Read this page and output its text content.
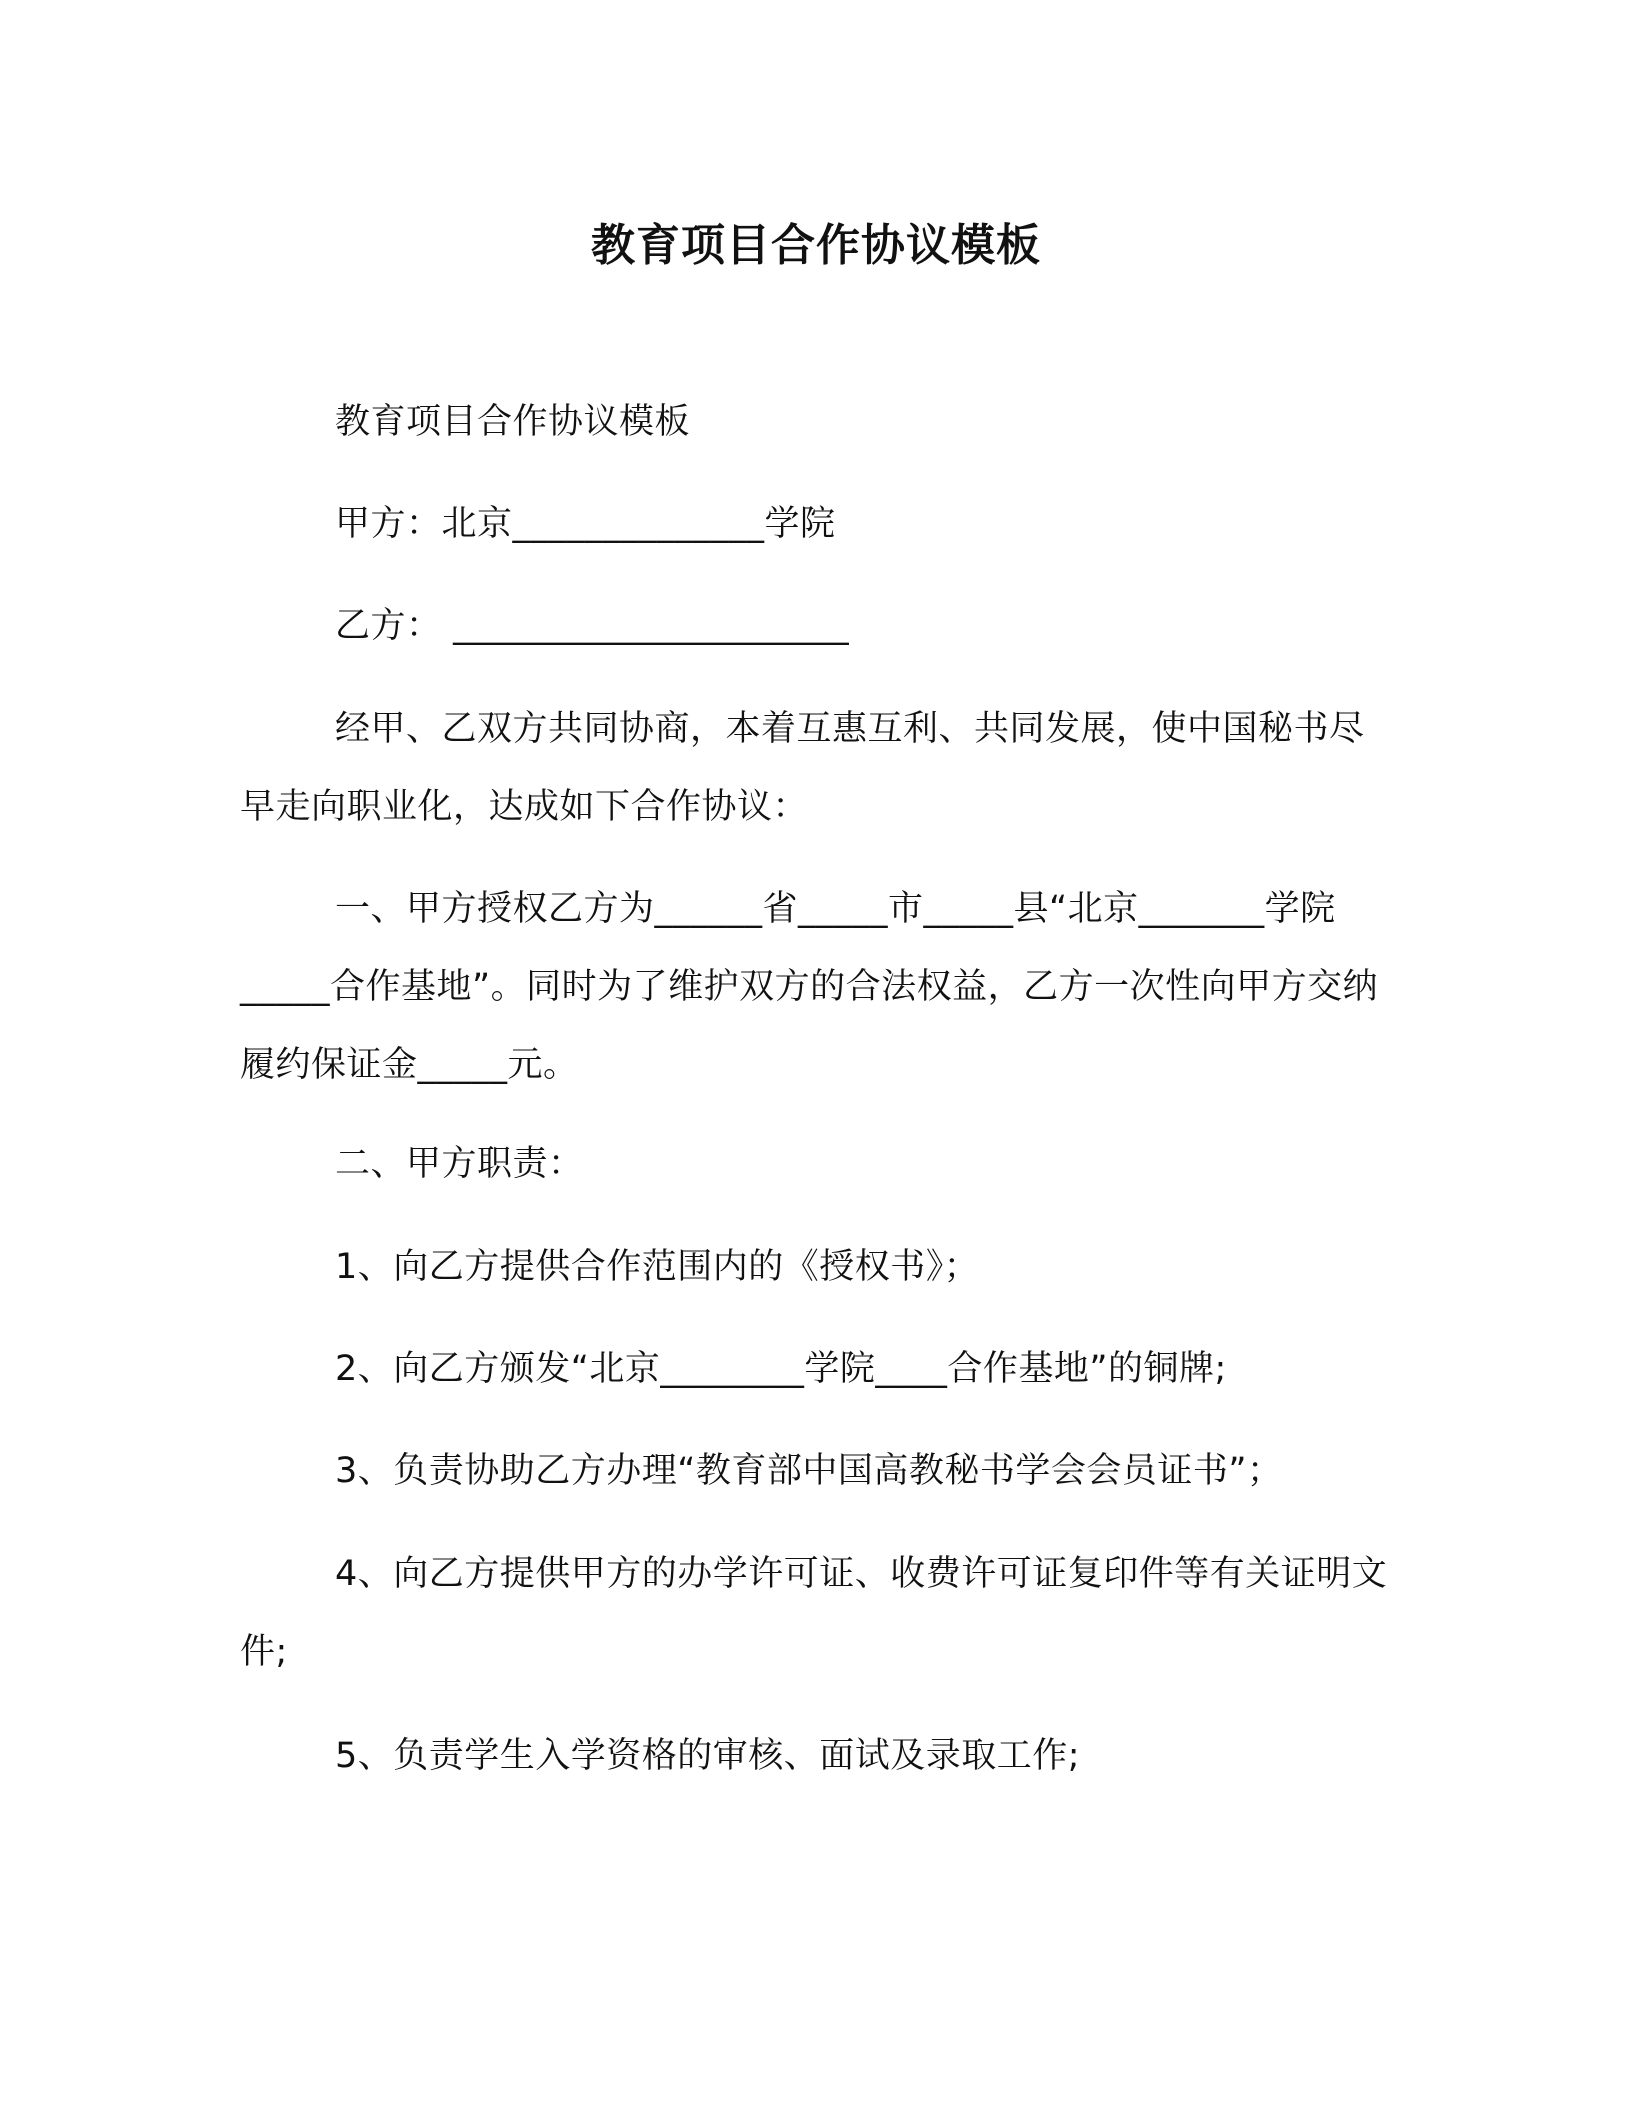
教育项目合作协议模板

教育项目合作协议模板

甲方：北京______________学院

乙方： ______________________

经甲、乙双方共同协商，本着互惠互利、共同发展，使中国秘书尽早走向职业化，达成如下合作协议：

一、甲方授权乙方为______省_____市_____县“北京_______学院_____合作基地”。同时为了维护双方的合法权益，乙方一次性向甲方交纳履约保证金_____元。

二、甲方职责：

1、向乙方提供合作范围内的《授权书》；

2、向乙方颁发“北京________学院____合作基地”的铜牌;

3、负责协助乙方办理“教育部中国高教秘书学会会员证书”；

4、向乙方提供甲方的办学许可证、收费许可证复印件等有关证明文件;

5、负责学生入学资格的审核、面试及录取工作;
